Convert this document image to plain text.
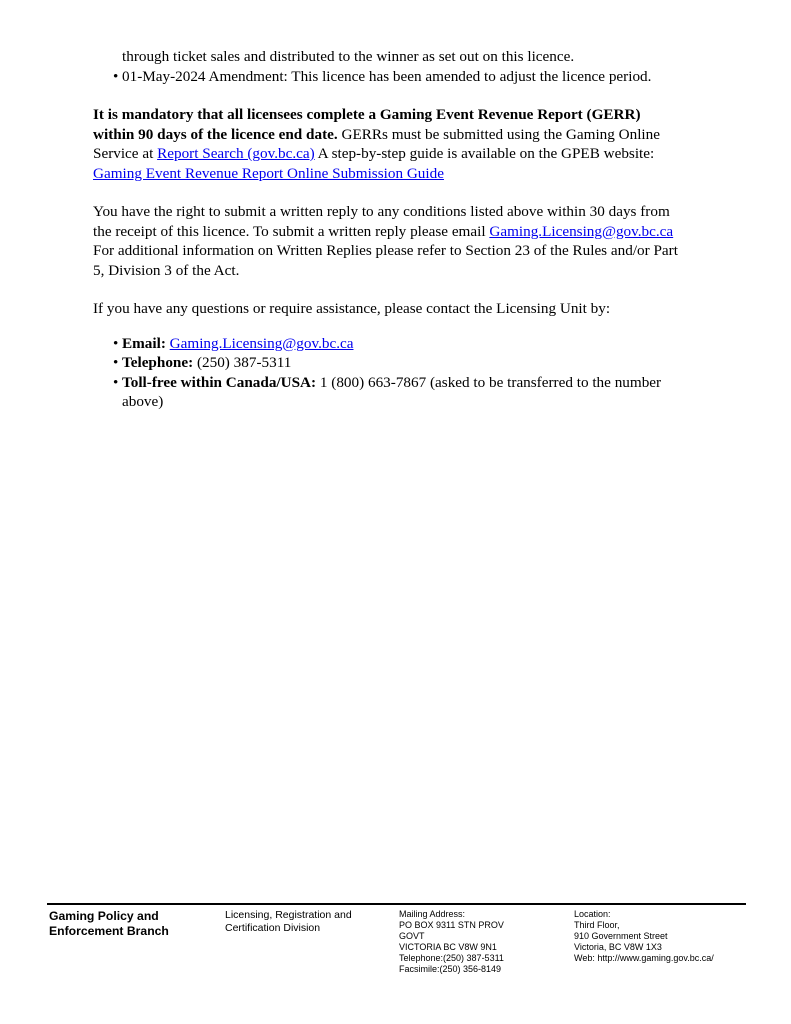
through ticket sales and distributed to the winner as set out on this licence.
• 01-May-2024 Amendment: This licence has been amended to adjust the licence period.
It is mandatory that all licensees complete a Gaming Event Revenue Report (GERR)
within 90 days of the licence end date. GERRs must be submitted using the Gaming Online
Service at Report Search (gov.bc.ca) A step-by-step guide is available on the GPEB website:
Gaming Event Revenue Report Online Submission Guide
You have the right to submit a written reply to any conditions listed above within 30 days from
the receipt of this licence. To submit a written reply please email Gaming.Licensing@gov.bc.ca
For additional information on Written Replies please refer to Section 23 of the Rules and/or Part
5, Division 3 of the Act.
If you have any questions or require assistance, please contact the Licensing Unit by:
• Email: Gaming.Licensing@gov.bc.ca
• Telephone: (250) 387-5311
• Toll-free within Canada/USA: 1 (800) 663-7867 (asked to be transferred to the number
above)
Gaming Policy and
Enforcement Branch
Licensing, Registration and
Certification Division
Mailing Address:
PO BOX 9311 STN PROV
GOVT
VICTORIA BC V8W 9N1
Telephone:(250) 387-5311
Facsimile:(250) 356-8149
Location:
Third Floor,
910 Government Street
Victoria, BC V8W 1X3
Web: http://www.gaming.gov.bc.ca/
